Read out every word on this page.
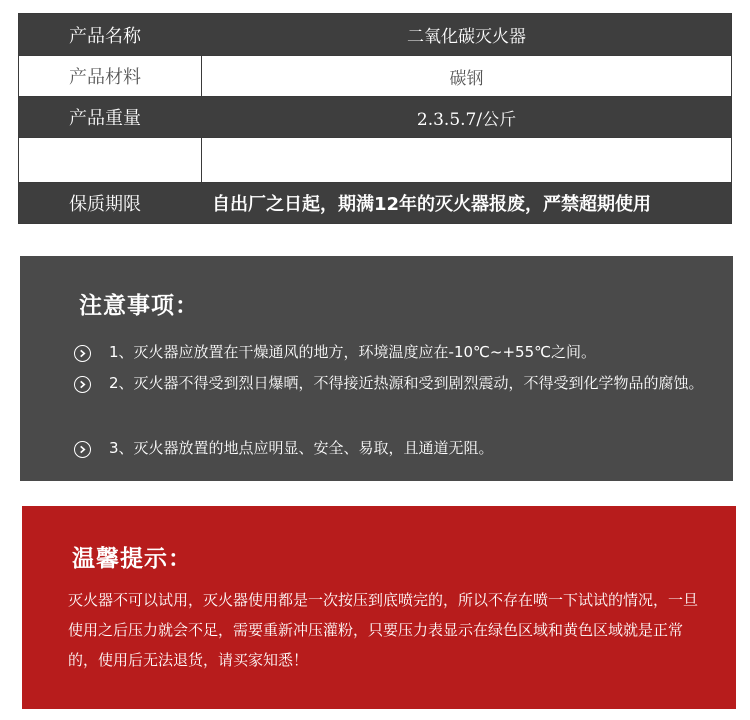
产品名称	二氧化碳灭火器
产品材料	碳钢
产品重量	2.3.5.7/公斤
保质期限	自出厂之日起，期满12年的灭火器报废，严禁超期使用
注意事项：
1、灭火器应放置在干燥通风的地方，环境温度应在-10℃~+55℃之间。
2、灭火器不得受到烈日爆晒，不得接近热源和受到剧烈震动，不得受到化学物品的腐蚀。
3、灭火器放置的地点应明显、安全、易取，且通道无阻。
温馨提示：
灭火器不可以试用，灭火器使用都是一次按压到底喷完的，所以不存在喷一下试试的情况，一旦使用之后压力就会不足，需要重新冲压灌粉，只要压力表显示在绿色区域和黄色区域就是正常的，使用后无法退货，请买家知悉！
